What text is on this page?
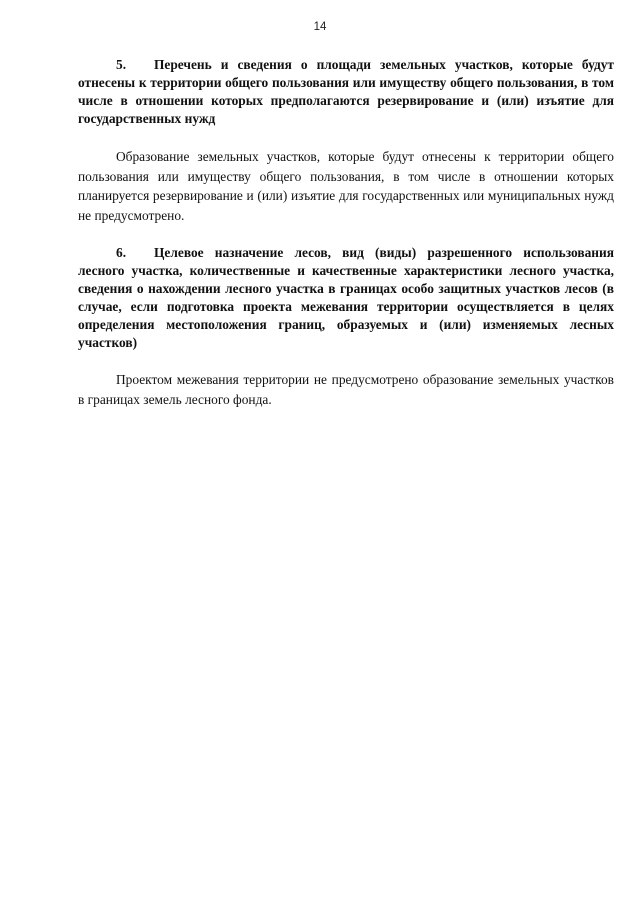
14

5. Перечень и сведения о площади земельных участков, которые будут отнесены к территории общего пользования или имуществу общего пользования, в том числе в отношении которых предполагаются резервирование и (или) изъятие для государственных нужд

Образование земельных участков, которые будут отнесены к территории общего пользования или имуществу общего пользования, в том числе в отношении которых планируется резервирование и (или) изъятие для государственных или муниципальных нужд не предусмотрено.

6. Целевое назначение лесов, вид (виды) разрешенного использования лесного участка, количественные и качественные характеристики лесного участка, сведения о нахождении лесного участка в границах особо защитных участков лесов (в случае, если подготовка проекта межевания территории осуществляется в целях определения местоположения границ, образуемых и (или) изменяемых лесных участков)

Проектом межевания территории не предусмотрено образование земельных участков в границах земель лесного фонда.
